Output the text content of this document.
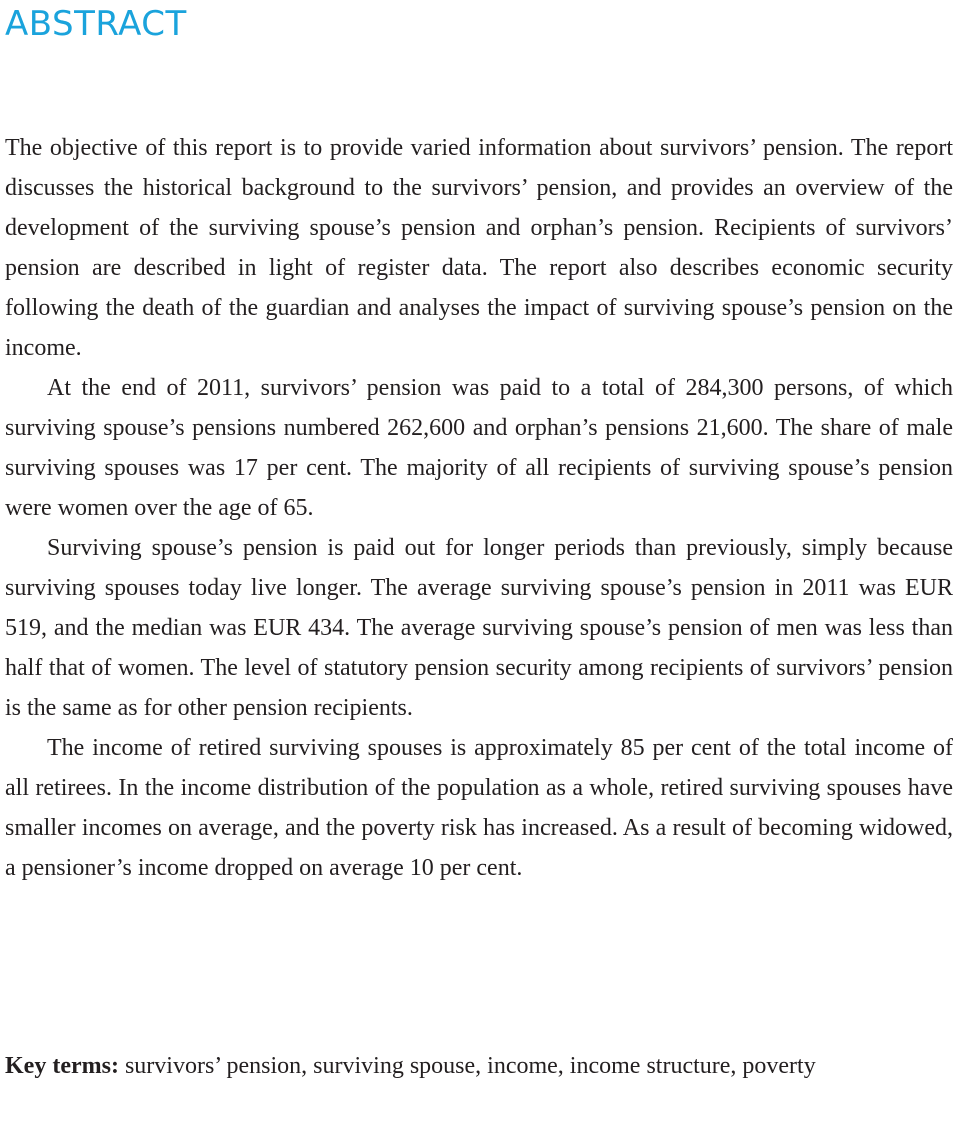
ABSTRACT

The objective of this report is to provide varied information about survivors’ pension. The report discusses the historical background to the survivors’ pension, and provides an overview of the development of the surviving spouse’s pension and orphan’s pension. Recipients of survivors’ pension are described in light of register data. The report also describes economic security following the death of the guardian and analyses the impact of surviving spouse’s pension on the income.

At the end of 2011, survivors’ pension was paid to a total of 284,300 persons, of which surviving spouse’s pensions numbered 262,600 and orphan’s pensions 21,600. The share of male surviving spouses was 17 per cent. The majority of all recipients of surviving spouse’s pension were women over the age of 65.

Surviving spouse’s pension is paid out for longer periods than previously, simply because surviving spouses today live longer. The average surviving spouse’s pension in 2011 was EUR 519, and the median was EUR 434. The average surviving spouse’s pension of men was less than half that of women. The level of statutory pension security among recipients of survivors’ pension is the same as for other pension recipients.

The income of retired surviving spouses is approximately 85 per cent of the total income of all retirees. In the income distribution of the population as a whole, retired surviving spouses have smaller incomes on average, and the poverty risk has increased. As a result of becoming widowed, a pensioner’s income dropped on average 10 per cent.

Key terms: survivors’ pension, surviving spouse, income, income structure, poverty
